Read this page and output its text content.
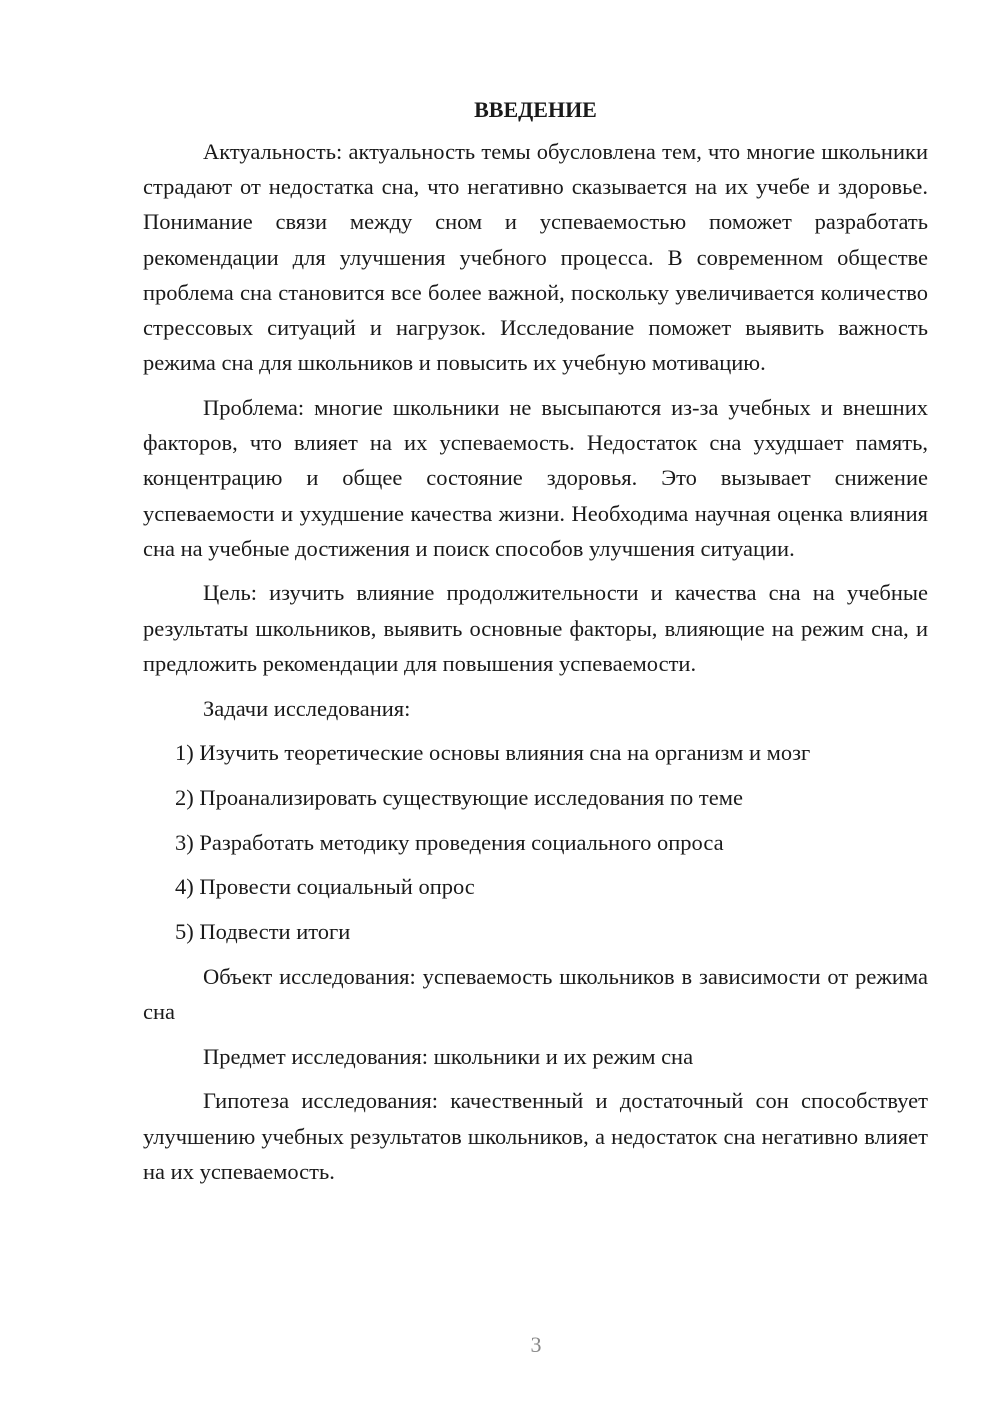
ВВЕДЕНИЕ

Актуальность: актуальность темы обусловлена тем, что многие школьники страдают от недостатка сна, что негативно сказывается на их учебе и здоровье. Понимание связи между сном и успеваемостью поможет разработать рекомендации для улучшения учебного процесса. В современном обществе проблема сна становится все более важной, поскольку увеличивается количество стрессовых ситуаций и нагрузок. Исследование поможет выявить важность режима сна для школьников и повысить их учебную мотивацию.

Проблема: многие школьники не высыпаются из-за учебных и внешних факторов, что влияет на их успеваемость. Недостаток сна ухудшает память, концентрацию и общее состояние здоровья. Это вызывает снижение успеваемости и ухудшение качества жизни. Необходима научная оценка влияния сна на учебные достижения и поиск способов улучшения ситуации.

Цель: изучить влияние продолжительности и качества сна на учебные результаты школьников, выявить основные факторы, влияющие на режим сна, и предложить рекомендации для повышения успеваемости.

Задачи исследования:

1) Изучить теоретические основы влияния сна на организм и мозг

2) Проанализировать существующие исследования по теме

3) Разработать методику проведения социального опроса

4) Провести социальный опрос

5) Подвести итоги

Объект исследования: успеваемость школьников в зависимости от режима сна

Предмет исследования: школьники и их режим сна

Гипотеза исследования: качественный и достаточный сон способствует улучшению учебных результатов школьников, а недостаток сна негативно влияет на их успеваемость.

3
